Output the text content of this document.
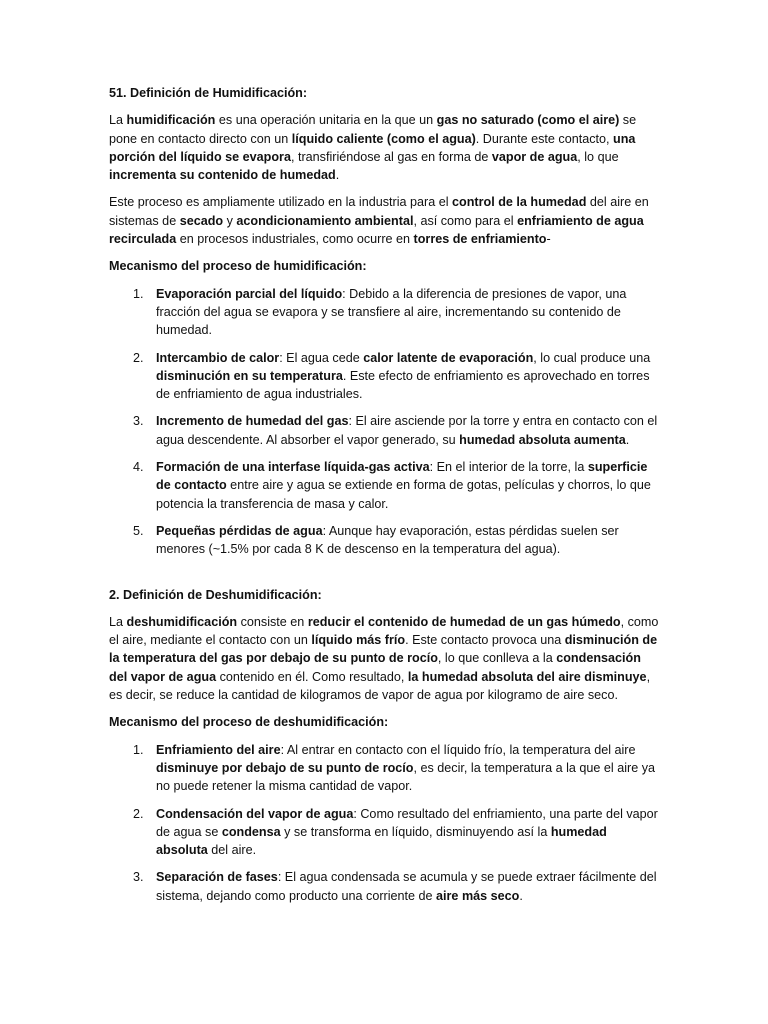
51. Definición de Humidificación:

La humidificación es una operación unitaria en la que un gas no saturado (como el aire) se pone en contacto directo con un líquido caliente (como el agua). Durante este contacto, una porción del líquido se evapora, transfiriéndose al gas en forma de vapor de agua, lo que incrementa su contenido de humedad.

Este proceso es ampliamente utilizado en la industria para el control de la humedad del aire en sistemas de secado y acondicionamiento ambiental, así como para el enfriamiento de agua recirculada en procesos industriales, como ocurre en torres de enfriamiento-

Mecanismo del proceso de humidificación:
1. Evaporación parcial del líquido: Debido a la diferencia de presiones de vapor, una fracción del agua se evapora y se transfiere al aire, incrementando su contenido de humedad.
2. Intercambio de calor: El agua cede calor latente de evaporación, lo cual produce una disminución en su temperatura. Este efecto de enfriamiento es aprovechado en torres de enfriamiento de agua industriales.
3. Incremento de humedad del gas: El aire asciende por la torre y entra en contacto con el agua descendente. Al absorber el vapor generado, su humedad absoluta aumenta.
4. Formación de una interfase líquida-gas activa: En el interior de la torre, la superficie de contacto entre aire y agua se extiende en forma de gotas, películas y chorros, lo que potencia la transferencia de masa y calor.
5. Pequeñas pérdidas de agua: Aunque hay evaporación, estas pérdidas suelen ser menores (~1.5% por cada 8 K de descenso en la temperatura del agua).
2. Definición de Deshumidificación:

La deshumidificación consiste en reducir el contenido de humedad de un gas húmedo, como el aire, mediante el contacto con un líquido más frío. Este contacto provoca una disminución de la temperatura del gas por debajo de su punto de rocío, lo que conlleva a la condensación del vapor de agua contenido en él. Como resultado, la humedad absoluta del aire disminuye, es decir, se reduce la cantidad de kilogramos de vapor de agua por kilogramo de aire seco.

Mecanismo del proceso de deshumidificación:
1. Enfriamiento del aire: Al entrar en contacto con el líquido frío, la temperatura del aire disminuye por debajo de su punto de rocío, es decir, la temperatura a la que el aire ya no puede retener la misma cantidad de vapor.
2. Condensación del vapor de agua: Como resultado del enfriamiento, una parte del vapor de agua se condensa y se transforma en líquido, disminuyendo así la humedad absoluta del aire.
3. Separación de fases: El agua condensada se acumula y se puede extraer fácilmente del sistema, dejando como producto una corriente de aire más seco.
